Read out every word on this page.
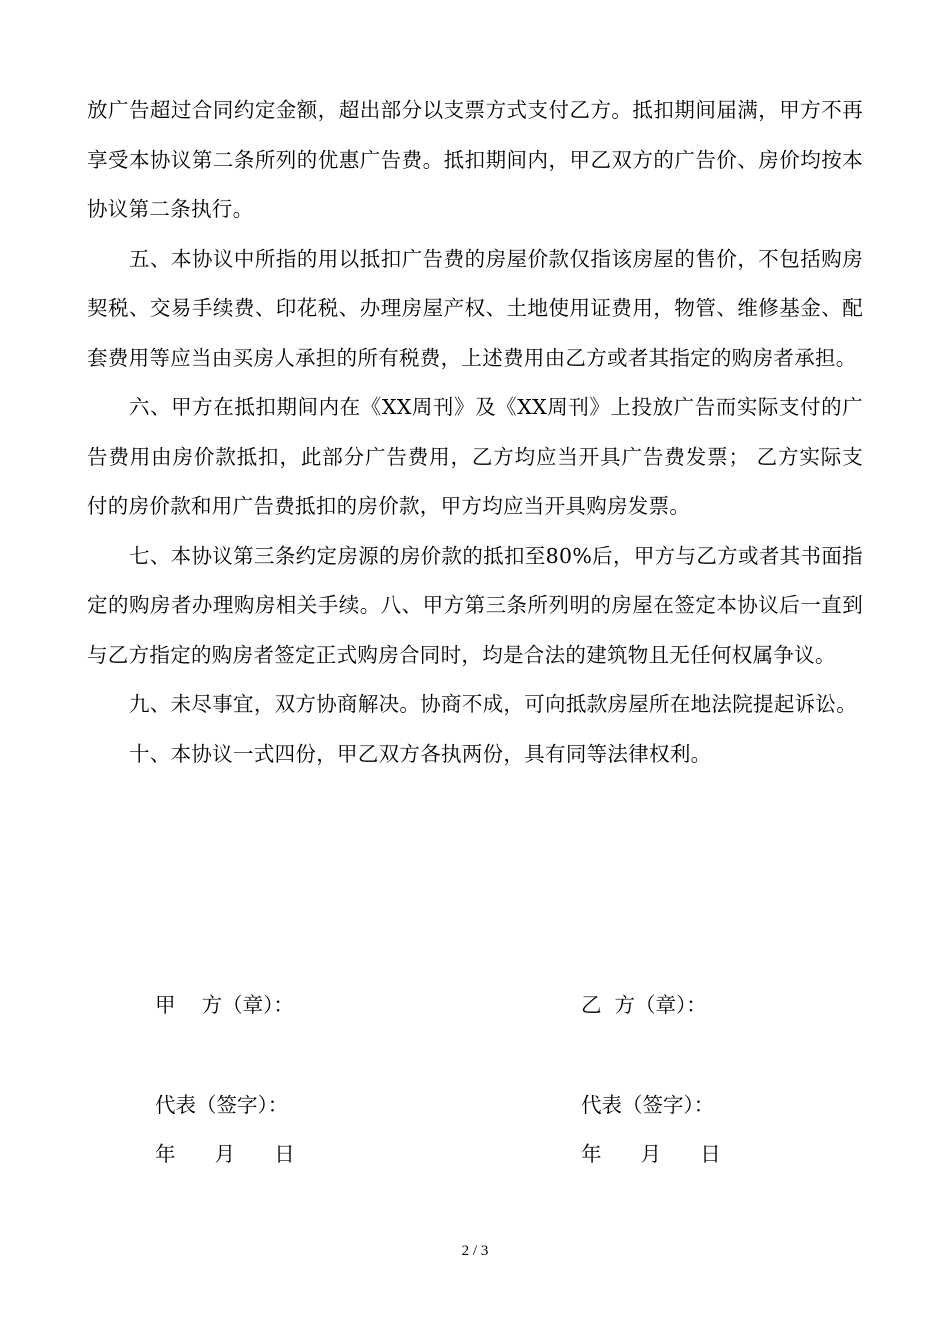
放广告超过合同约定金额，超出部分以支票方式支付乙方。抵扣期间届满，甲方不再享受本协议第二条所列的优惠广告费。抵扣期间内，甲乙双方的广告价、房价均按本协议第二条执行。

五、本协议中所指的用以抵扣广告费的房屋价款仅指该房屋的售价，不包括购房契税、交易手续费、印花税、办理房屋产权、土地使用证费用，物管、维修基金、配套费用等应当由买房人承担的所有税费，上述费用由乙方或者其指定的购房者承担。

六、甲方在抵扣期间内在《XX周刊》及《XX周刊》上投放广告而实际支付的广告费用由房价款抵扣，此部分广告费用，乙方均应当开具广告费发票； 乙方实际支付的房价款和用广告费抵扣的房价款，甲方均应当开具购房发票。

七、本协议第三条约定房源的房价款的抵扣至80%后，甲方与乙方或者其书面指定的购房者办理购房相关手续。八、甲方第三条所列明的房屋在签定本协议后一直到与乙方指定的购房者签定正式购房合同时，均是合法的建筑物且无任何权属争议。

九、未尽事宜，双方协商解决。协商不成，可向抵款房屋所在地法院提起诉讼。

十、本协议一式四份，甲乙双方各执两份，具有同等法律权利。

甲    方（章）：	乙  方（章）：
代表（签字）：	代表（签字）：
年      月      日	年      月      日
2 / 3
